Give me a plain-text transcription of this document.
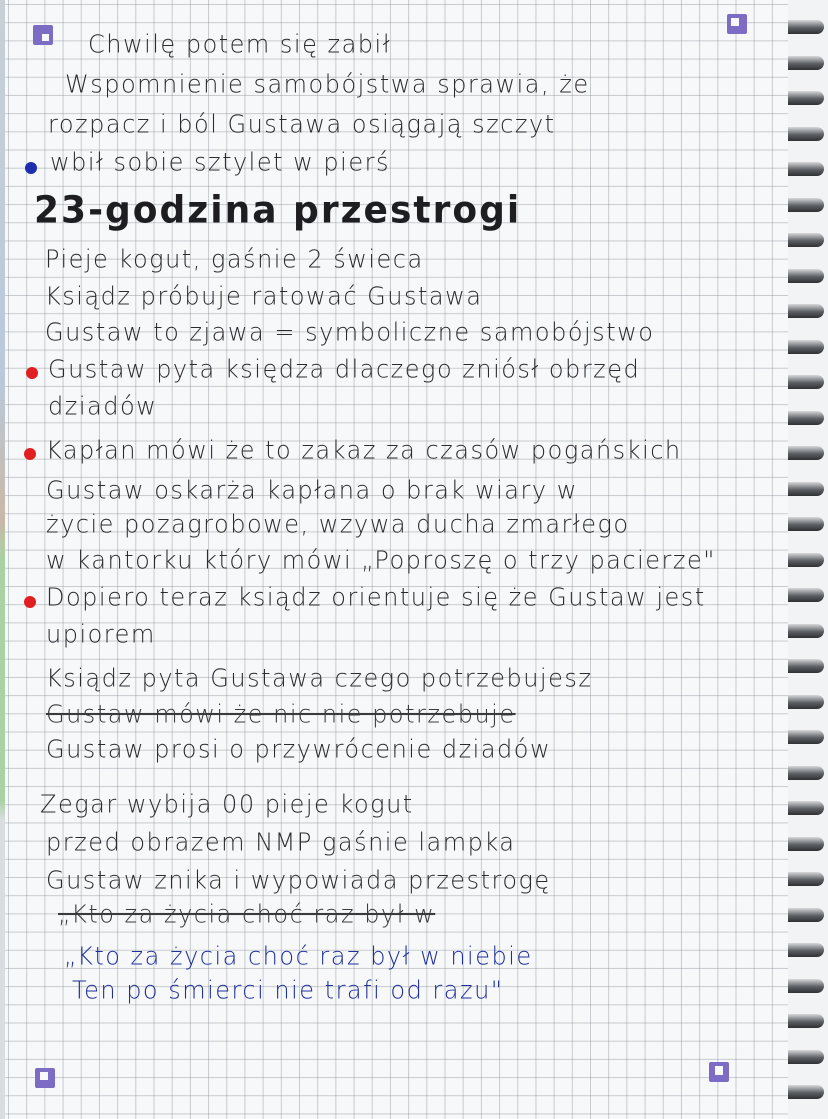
Chwilę potem się zabił
Wspomnienie samobójstwa sprawia, że
rozpacz i ból Gustawa osiągają szczyt
wbił sobie sztylet w pierś
23-godzina przestrogi
Pieje kogut, gaśnie 2 świeca
Ksiądz próbuje ratować Gustawa
Gustaw to zjawa = symboliczne samobójstwo
Gustaw pyta księdza dlaczego zniósł obrzęd
dziadów
Kapłan mówi że to zakaz za czasów pogańskich
Gustaw oskarża kapłana o brak wiary w
życie pozagrobowe, wzywa ducha zmarłego
w kantorku który mówi „Poproszę o trzy pacierze"
Dopiero teraz ksiądz orientuje się że Gustaw jest
upiorem
Ksiądz pyta Gustawa czego potrzebujesz
Gustaw mówi że nic nie potrzebuje
Gustaw prosi o przywrócenie dziadów
Zegar wybija 00 pieje kogut
przed obrazem NMP gaśnie lampka
Gustaw znika i wypowiada przestrogę
„Kto za życia choć raz był w
„Kto za życia choć raz był w niebie
Ten po śmierci nie trafi od razu"
